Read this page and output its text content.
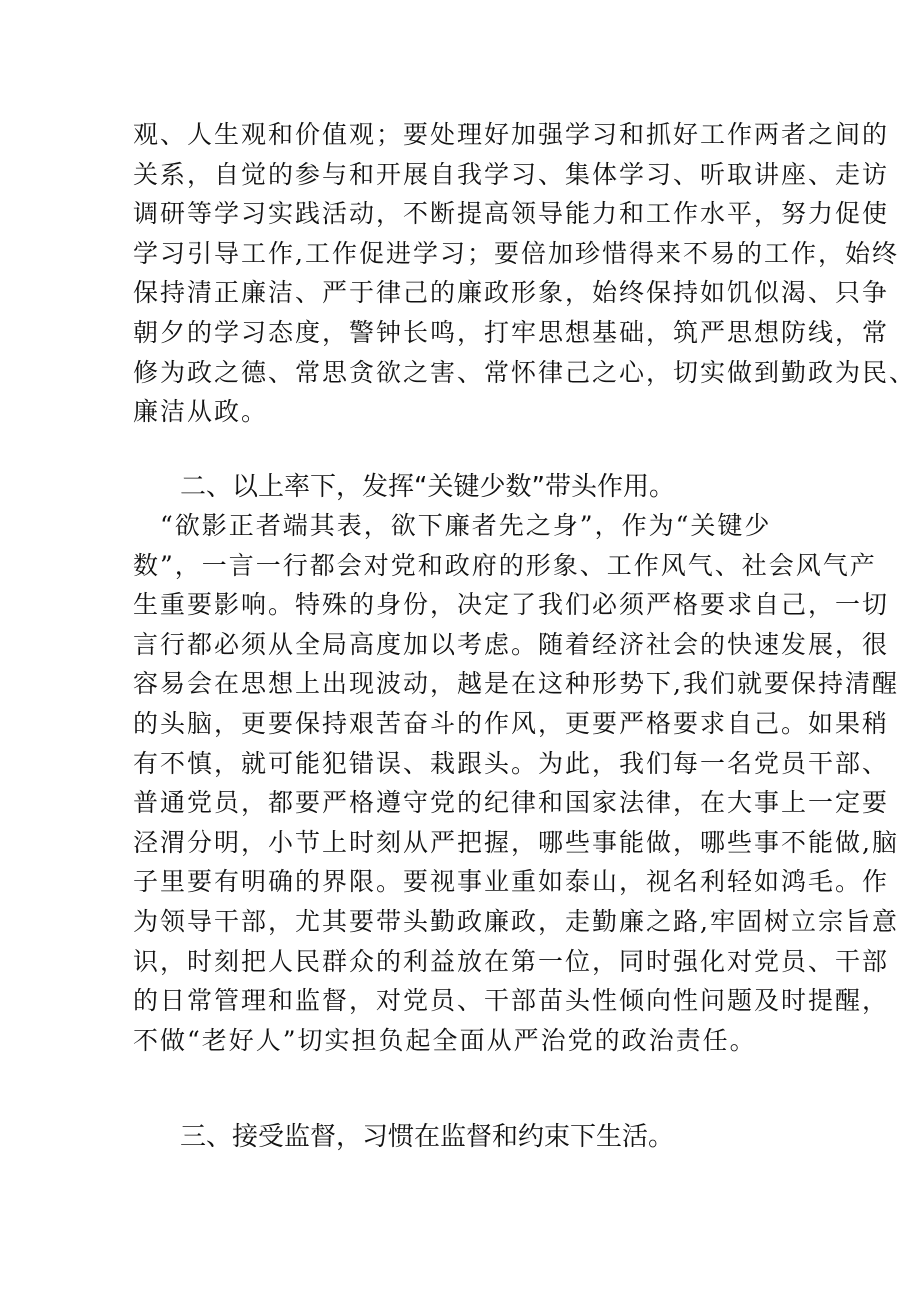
观、人生观和价值观；要处理好加强学习和抓好工作两者之间的
关系，自觉的参与和开展自我学习、集体学习、听取讲座、走访
调研等学习实践活动，不断提高领导能力和工作水平，努力促使
学习引导工作,工作促进学习；要倍加珍惜得来不易的工作，始终
保持清正廉洁、严于律己的廉政形象，始终保持如饥似渴、只争
朝夕的学习态度，警钟长鸣，打牢思想基础，筑严思想防线，常
修为政之德、常思贪欲之害、常怀律己之心，切实做到勤政为民、
廉洁从政。
二、以上率下，发挥“关键少数”带头作用。
　“欲影正者端其表，欲下廉者先之身”，作为“关键少
数”，一言一行都会对党和政府的形象、工作风气、社会风气产
生重要影响。特殊的身份，决定了我们必须严格要求自己，一切
言行都必须从全局高度加以考虑。随着经济社会的快速发展，很
容易会在思想上出现波动，越是在这种形势下,我们就要保持清醒
的头脑，更要保持艰苦奋斗的作风，更要严格要求自己。如果稍
有不慎，就可能犯错误、栽跟头。为此，我们每一名党员干部、
普通党员，都要严格遵守党的纪律和国家法律，在大事上一定要
泾渭分明，小节上时刻从严把握，哪些事能做，哪些事不能做,脑
子里要有明确的界限。要视事业重如泰山，视名利轻如鸿毛。作
为领导干部，尤其要带头勤政廉政，走勤廉之路,牢固树立宗旨意
识，时刻把人民群众的利益放在第一位，同时强化对党员、干部
的日常管理和监督，对党员、干部苗头性倾向性问题及时提醒，
不做“老好人”切实担负起全面从严治党的政治责任。
三、接受监督，习惯在监督和约束下生活。
